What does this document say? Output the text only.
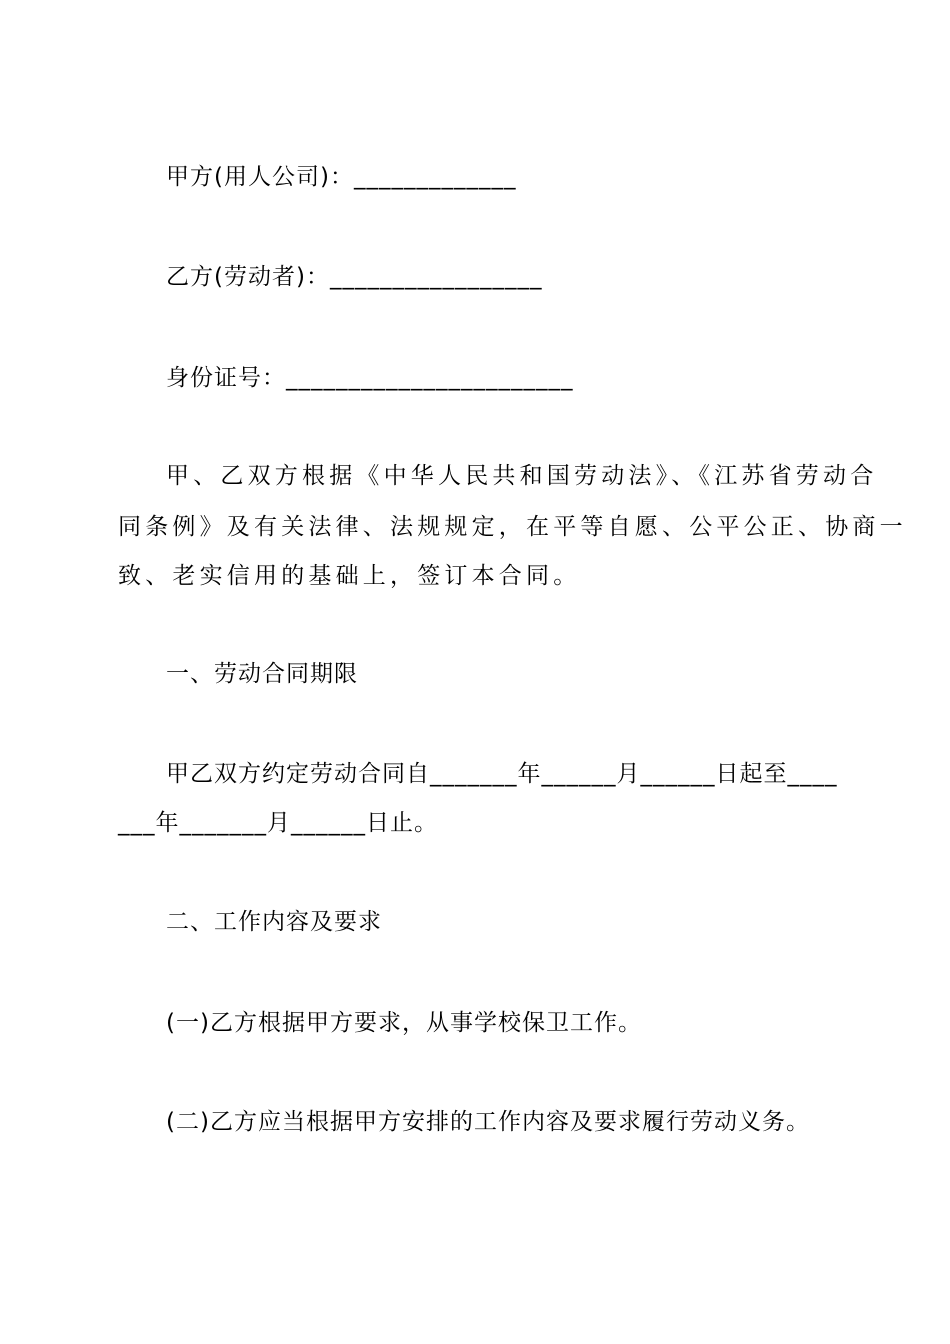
甲方(用人公司)：_____________
乙方(劳动者)：_________________
身份证号：_______________________
甲、乙双方根据《中华人民共和国劳动法》、《江苏省劳动合
同条例》及有关法律、法规规定，在平等自愿、公平公正、协商一
致、老实信用的基础上，签订本合同。
一、劳动合同期限
甲乙双方约定劳动合同自_______年______月______日起至____
___年_______月______日止。
二、工作内容及要求
(一)乙方根据甲方要求，从事学校保卫工作。
(二)乙方应当根据甲方安排的工作内容及要求履行劳动义务。
